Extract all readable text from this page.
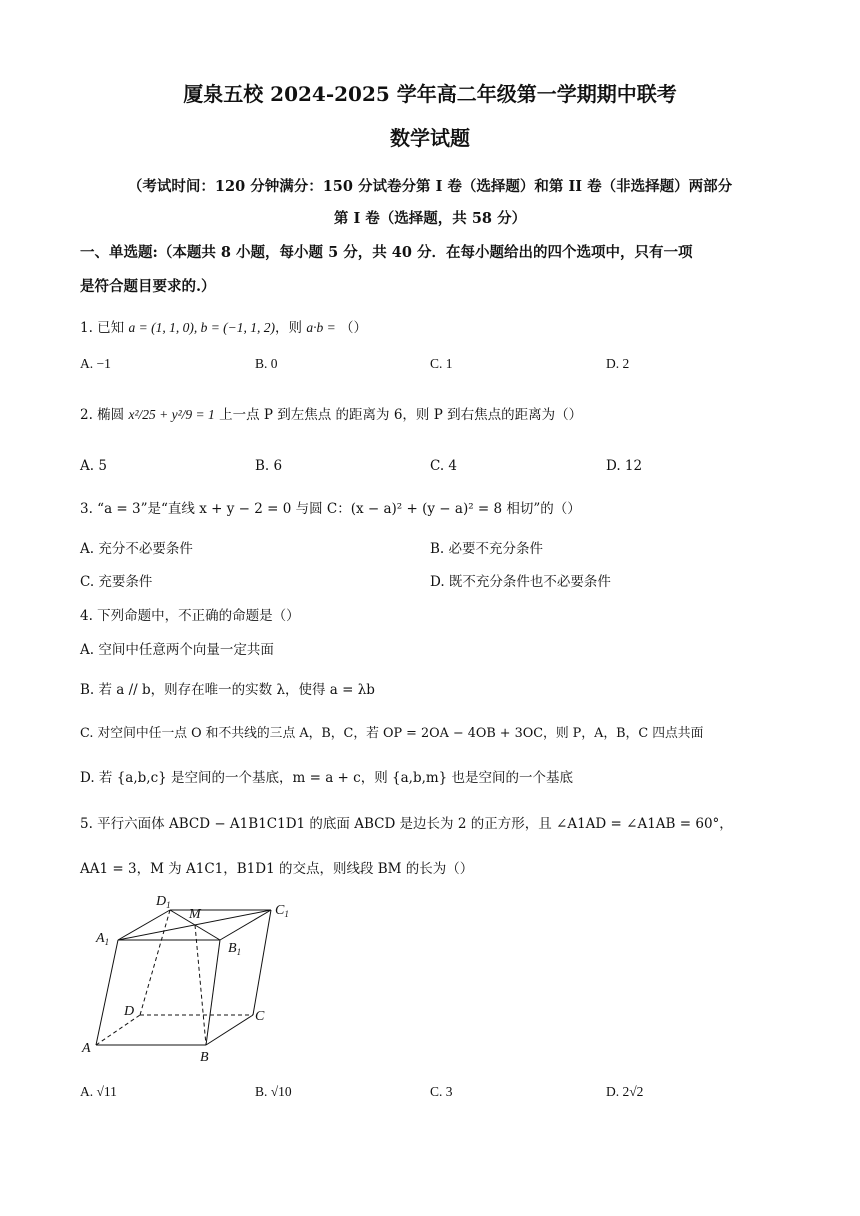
厦泉五校 2024-2025 学年高二年级第一学期期中联考
数学试题
（考试时间：120 分钟满分：150 分试卷分第 I 卷（选择题）和第 II 卷（非选择题）两部分
第 I 卷（选择题，共 58 分）
一、单选题:（本题共 8 小题，每小题 5 分，共 40 分．在每小题给出的四个选项中，只有一项
是符合题目要求的.）
1. 已知 a = (1, 1, 0), b = (−1, 1, 2)，则 a·b = （）
A. −1	B. 0	C. 1	D. 2
2. 椭圆 x²/25 + y²/9 = 1 上一点 P 到左焦点 的距离为 6，则 P 到右焦点的距离为（）
A. 5	B. 6	C. 4	D. 12
3. “a = 3”是“直线 x + y − 2 = 0 与圆 C：(x − a)² + (y − a)² = 8 相切”的（）
A. 充分不必要条件	B. 必要不充分条件
C. 充要条件	D. 既不充分条件也不必要条件
4. 下列命题中，不正确的命题是（）
A. 空间中任意两个向量一定共面
B. 若 a // b，则存在唯一的实数 λ，使得 a = λb
C. 对空间中任一点 O 和不共线的三点 A，B，C，若 OP = 2OA − 4OB + 3OC，则 P，A，B，C 四点共面
D. 若 {a,b,c} 是空间的一个基底，m = a + c，则 {a,b,m} 也是空间的一个基底
5. 平行六面体 ABCD − A1B1C1D1 的底面 ABCD 是边长为 2 的正方形，且 ∠A1AD = ∠A1AB = 60°，
AA1 = 3，M 为 A1C1，B1D1 的交点，则线段 BM 的长为（）
$D_1$
M	$C_1$
$A_1$	$B_1$
D	C
A
B
A. √11	B. √10	C. 3	D. 2√2
